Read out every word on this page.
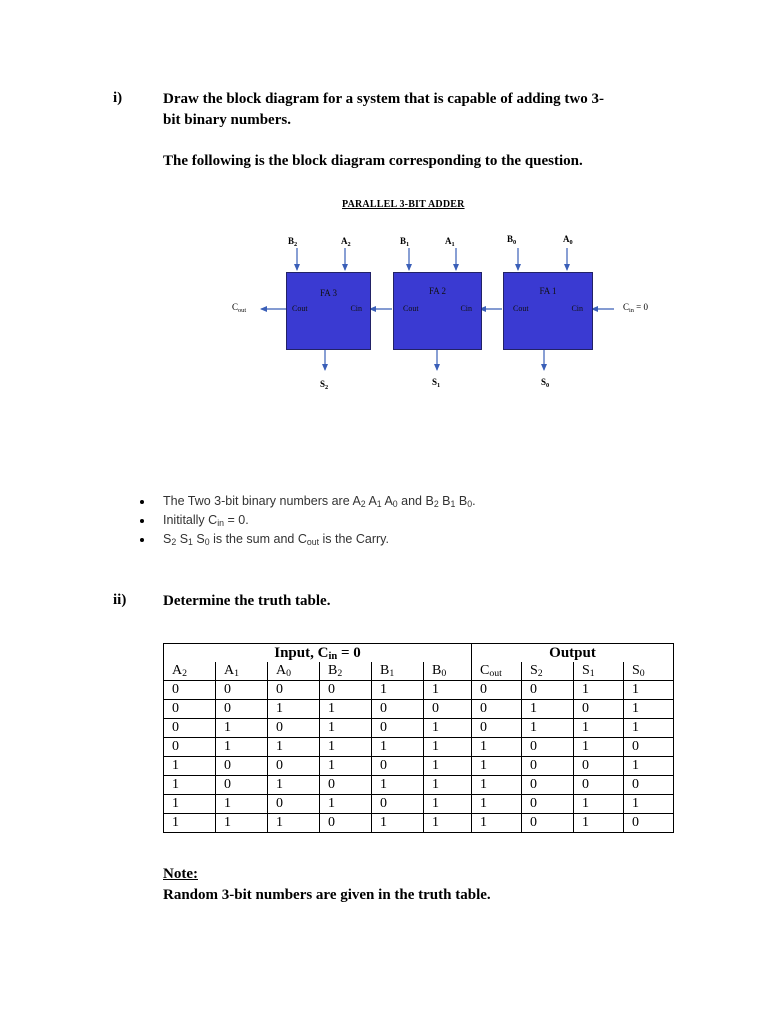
i)	Draw the block diagram for a system that is capable of adding two 3-
bit binary numbers.
The following is the block diagram corresponding to the question.
PARALLEL 3-BIT ADDER
$B_2$	$A_2$	$B_1$	$A_1$
$B_0$	$A_0$
FA 3
Cout	Cin
FA 2
Cout	Cin
FA 1
Cout	Cin
$C_{out}$	$C_{in} = 0$
$S_2$
$S_1$	$S_0$
The Two 3-bit binary numbers are $A_2$ $A_1$ $A_0$ and $B_2$ $B_1$ $B_0$.
Inititally $C_{in} = 0$.
$S_2$ $S_1$ $S_0$ is the sum and $C_{out}$ is the Carry.
ii) Determine the truth table.
Input, $C_{in} = 0$						Output			
$A_2$	$A_1$	$A_0$	$B_2$	$B_1$	$B_0$	$C_{out}$	$S_2$	$S_1$	$S_0$
0	0	0	0	1	1	0	0	1	1
0	0	1	1	0	0	0	1	0	1
0	1	0	1	0	1	0	1	1	1
0	1	1	1	1	1	1	0	1	0
1	0	0	1	0	1	1	0	0	1
1	0	1	0	1	1	1	0	0	0
1	1	0	1	0	1	1	0	1	1
1	1	1	0	1	1	1	0	1	0
Note:
Random 3-bit numbers are given in the truth table.
